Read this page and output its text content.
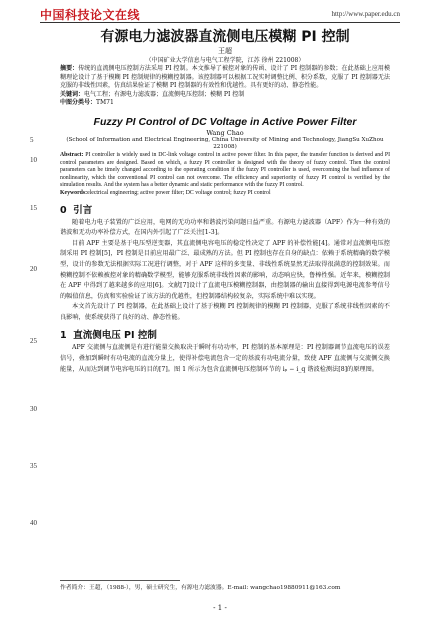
中国科技论文在线	http://www.paper.edu.cn
5
10
15
20
25
30
35
40
有源电力滤波器直流侧电压模糊 PI 控制
王超
（中国矿业大学信息与电气工程学院，江苏 徐州 221008）
摘要：传统的直流侧电压控制方法采用 PI 控制。本文推导了被控对象的传函、设计了 PI 控制器的参数；在此基础上应用模糊理论设计了基于模糊 PI 控制规律的模糊控制器。该控制器可以根据工况实时调整比例、积分系数，克服了 PI 控制器无法克服的非线性因素，仿真结果验证了模糊 PI 控制器的有效性和优越性。具有更好的动、静态性能。
关键词：电气工程；有源电力滤波器；直流侧电压控制；模糊 PI 控制
中图分类号：TM71
Fuzzy PI Control of DC Voltage in Active Power Filter
Wang Chao
(School of Information and Electrical Engineering, China University of Mining and Technology, JiangSu XuZhou 221008)
Abstract: PI controller is widely used in DC-link voltage control in active power filter. In this paper, the transfer function is derived and PI control parameters are designed. Based on which, a fuzzy PI controller is designed with the theory of fuzzy control. Then the control parameters can be timely changed according to the operating condition if the fuzzy PI controller is used, overcoming the bad influence of nonlinearity, which the conventional PI control can not overcome. The efficiency and superiority of fuzzy PI control is verified by the simulation results. And the system has a better dynamic and static performance with the fuzzy PI control.
Keywords:electrical engineering; active power filter; DC voltage control; fuzzy PI control
0 引言
随着电力电子装置的广泛应用，电网的无功功率和谐波污染问题日益严重。有源电力滤波器（APF）作为一种有效的谐波和无功功率补偿方式，在国内外引起了广泛关注[1-3]。
目前 APF 主要是基于电压型逆变器，其直流侧电容电压的稳定性决定了 APF 的补偿性能[4]。通常对直流侧电压控制采用 PI 控制[5]，PI 控制是目前应用最广泛、最成熟的方法。但 PI 控制也存在自身的缺点：依赖于系统精确的数学模型，设计的参数无法根据实际工况进行调整，对于 APF 这样的多变量、非线性系统显然无法取得很满意的控制效果。而模糊控制不依赖被控对象的精确数学模型，能够克服系统非线性因素的影响，动态响应快，鲁棒性强。近年来，模糊控制在 APF 中得到了越来越多的应用[6]。文献[7]设计了直流电压模糊控制器，由控制器的输出直接得到电源电流参考信号的幅值信息，仿真和实验验证了该方法的优越性，但控制器结构较复杂，实际系统中难以实现。
本文首先设计了 PI 控制器，在此基础上设计了基于模糊 PI 控制规律的模糊 PI 控制器，克服了系统非线性因素的不良影响，使系统获得了良好的动、静态性能。
1 直流侧电压 PI 控制
APF 交流侧与直流侧是有进行能量交换取决于瞬时有功功率，PI 控制的基本原理是：PI 控制器调节直流电压的误差信号，叠加到瞬时有功电流的直流分量上，使得补偿电流包含一定的基波有功电流分量，致使 APF 直流侧与交流侧交换能量，从而达到调节电容电压的目的[7]。图 1 所示为包含直流侧电压控制环节的 iₚ − i_q 谐波检测法[8]的原理图。
作者简介：王超，（1988-），男，硕士研究生，有源电力滤波器。E-mail: wangchao19880911@163.com
- 1 -
